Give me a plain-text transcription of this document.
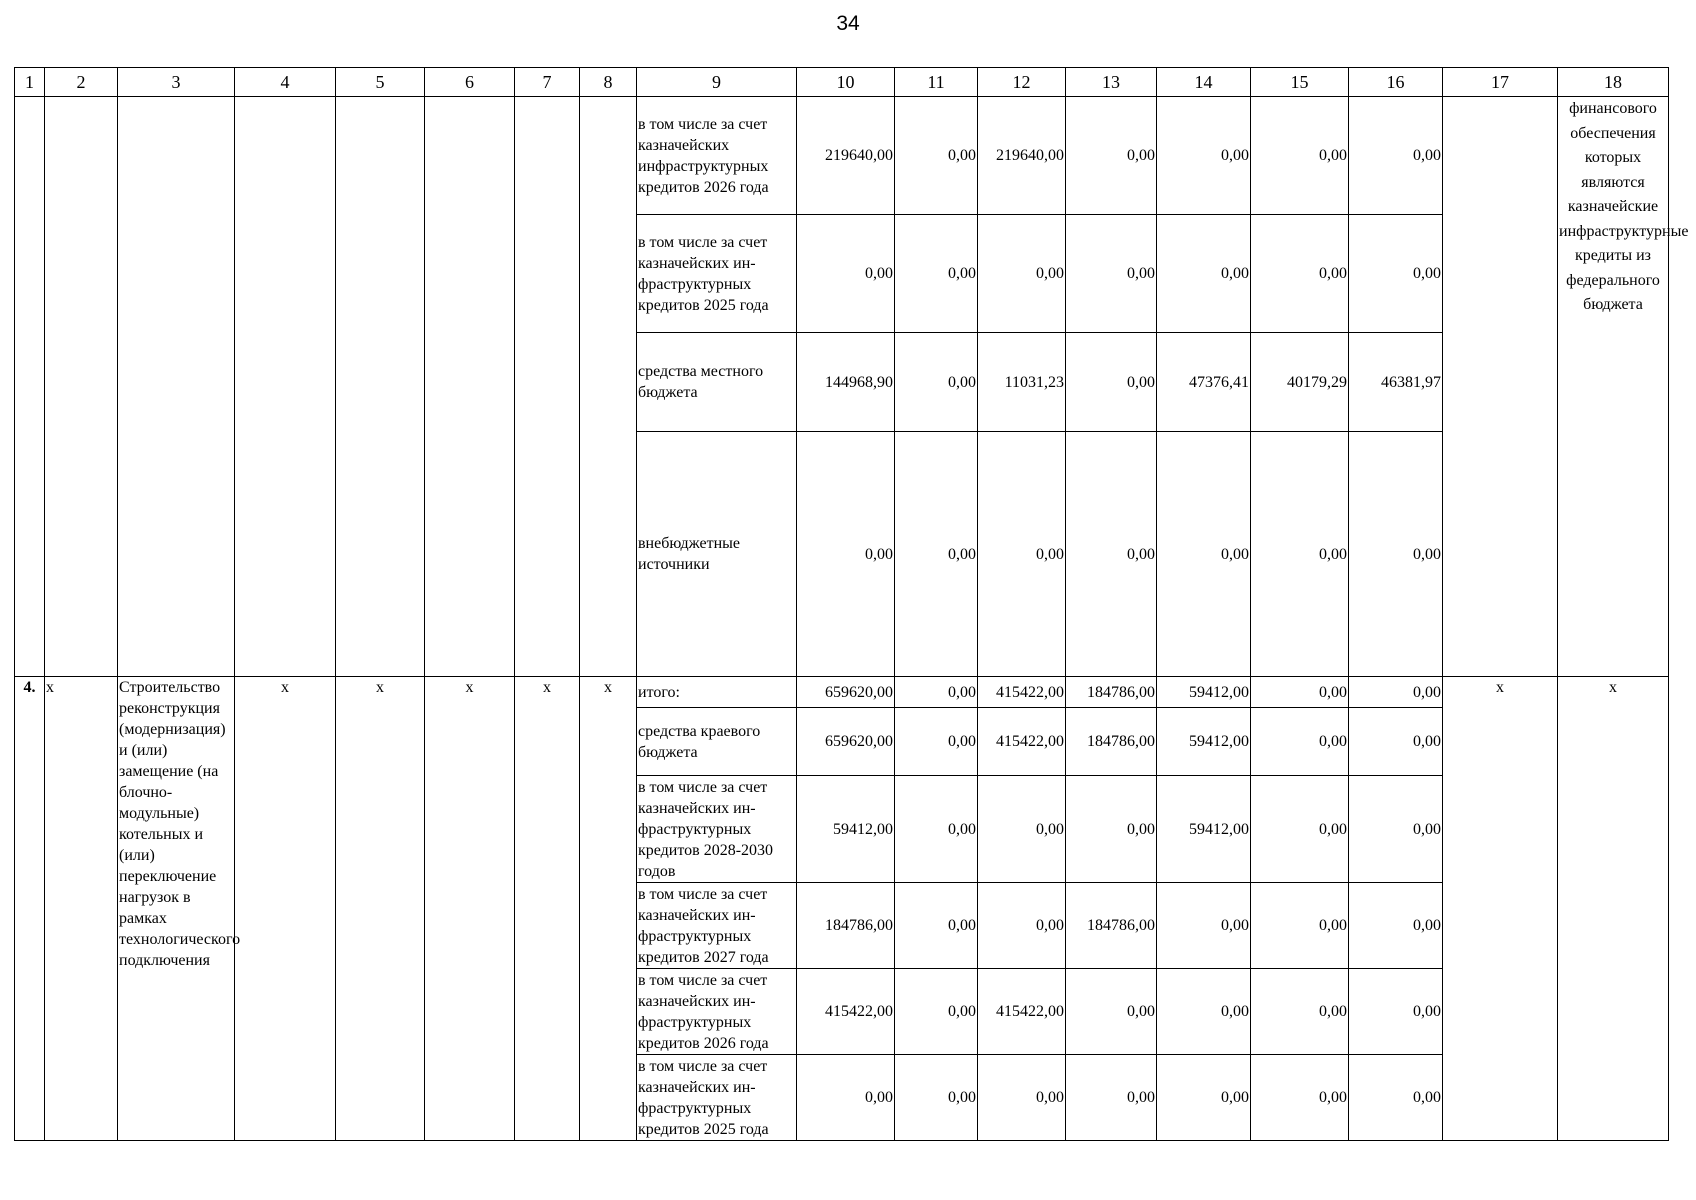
34
1	2	3	4	5	6	7	8	9	10	11	12	13	14	15	16	17	18
								в том числе за счет казначейских инфраструктурных кредитов 2026 года	219640,00	0,00	219640,00	0,00	0,00	0,00	0,00		финансового обеспечения которых являются казначейские инфраструктурные кредиты из федерального бюджета
								в том числе за счет казначейских ин-фраструктурных кредитов 2025 года	0,00	0,00	0,00	0,00	0,00	0,00	0,00		
								средства местного бюджета	144968,90	0,00	11031,23	0,00	47376,41	40179,29	46381,97		
								внебюджетные источники	0,00	0,00	0,00	0,00	0,00	0,00	0,00		
4.	x	Строительство реконструкция (модернизация) и (или) замещение (на блочно-модульные) котельных и (или) переключение нагрузок в рамках технологического подключения	x	x	x	x	x	итого:	659620,00	0,00	415422,00	184786,00	59412,00	0,00	0,00	x	x
								средства краевого бюджета	659620,00	0,00	415422,00	184786,00	59412,00	0,00	0,00		
								в том числе за счет казначейских ин-фраструктурных кредитов 2028-2030 годов	59412,00	0,00	0,00	0,00	59412,00	0,00	0,00		
								в том числе за счет казначейских ин-фраструктурных кредитов 2027 года	184786,00	0,00	0,00	184786,00	0,00	0,00	0,00		
								в том числе за счет казначейских ин-фраструктурных кредитов 2026 года	415422,00	0,00	415422,00	0,00	0,00	0,00	0,00		
								в том числе за счет казначейских ин-фраструктурных кредитов 2025 года	0,00	0,00	0,00	0,00	0,00	0,00	0,00		
